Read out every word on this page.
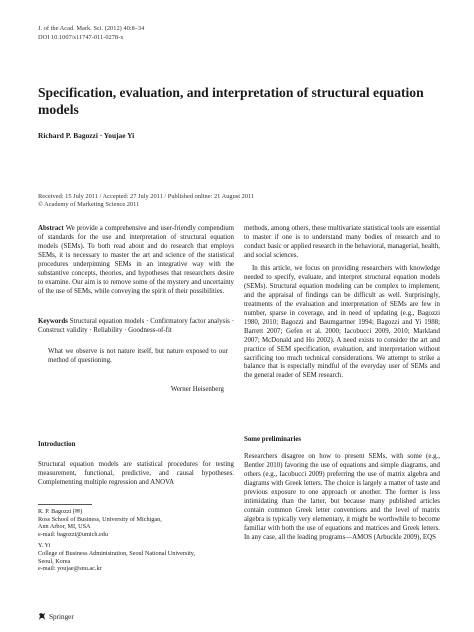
J. of the Acad. Mark. Sci. (2012) 40:8–34
DOI 10.1007/s11747-011-0278-x
Specification, evaluation, and interpretation of structural equation models
Richard P. Bagozzi · Youjae Yi
Received: 15 July 2011 / Accepted: 27 July 2011 / Published online: 21 August 2011
© Academy of Marketing Science 2011

Abstract We provide a comprehensive and user-friendly compendium of standards for the use and interpretation of structural equation models (SEMs). To both read about and do research that employs SEMs, it is necessary to master the art and science of the statistical procedures underpinning SEMs in an integrative way with the substantive concepts, theories, and hypotheses that researchers desire to examine. Our aim is to remove some of the mystery and uncertainty of the use of SEMs, while conveying the spirit of their possibilities.

Keywords Structural equation models · Confirmatory factor analysis · Construct validity · Reliability · Goodness-of-fit

What we observe is not nature itself, but nature exposed to our method of questioning.
Werner Heisenberg
Introduction
Structural equation models are statistical procedures for testing measurement, functional, predictive, and causal hypotheses. Complementing multiple regression and ANOVA

R. P. Bagozzi (✉)
Ross School of Business, University of Michigan,
Ann Arbor, MI, USA
e-mail: bagozzi@umich.edu

Y. Yi
College of Business Administration, Seoul National University,
Seoul, Korea
e-mail: youjae@snu.ac.kr

methods, among others, these multivariate statistical tools are essential to master if one is to understand many bodies of research and to conduct basic or applied research in the behavioral, managerial, health, and social sciences.
In this article, we focus on providing researchers with knowledge needed to specify, evaluate, and interpret structural equation models (SEMs). Structural equation modeling can be complex to implement, and the appraisal of findings can be difficult as well. Surprisingly, treatments of the evaluation and interpretation of SEMs are few in number, sparse in coverage, and in need of updating (e.g., Bagozzi 1980, 2010; Bagozzi and Baumgartner 1994; Bagozzi and Yi 1988; Barrett 2007; Gefen et al. 2000; Iacobucci 2009, 2010; Markland 2007; McDonald and Ho 2002). A need exists to consider the art and practice of SEM specification, evaluation, and interpretation without sacrificing too much technical considerations. We attempt to strike a balance that is especially mindful of the everyday user of SEMs and the general reader of SEM research.
Some preliminaries
Researchers disagree on how to present SEMs, with some (e.g., Bentler 2010) favoring the use of equations and simple diagrams, and others (e.g., Iacobucci 2009) preferring the use of matrix algebra and diagrams with Greek letters. The choice is largely a matter of taste and previous exposure to one approach or another. The former is less intimidating than the latter, but because many published articles contain common Greek letter conventions and the level of matrix algebra is typically very elementary, it might be worthwhile to become familiar with both the use of equations and matrices and Greek letters. In any case, all the leading programs—AMOS (Arbuckle 2009), EQS
Springer
